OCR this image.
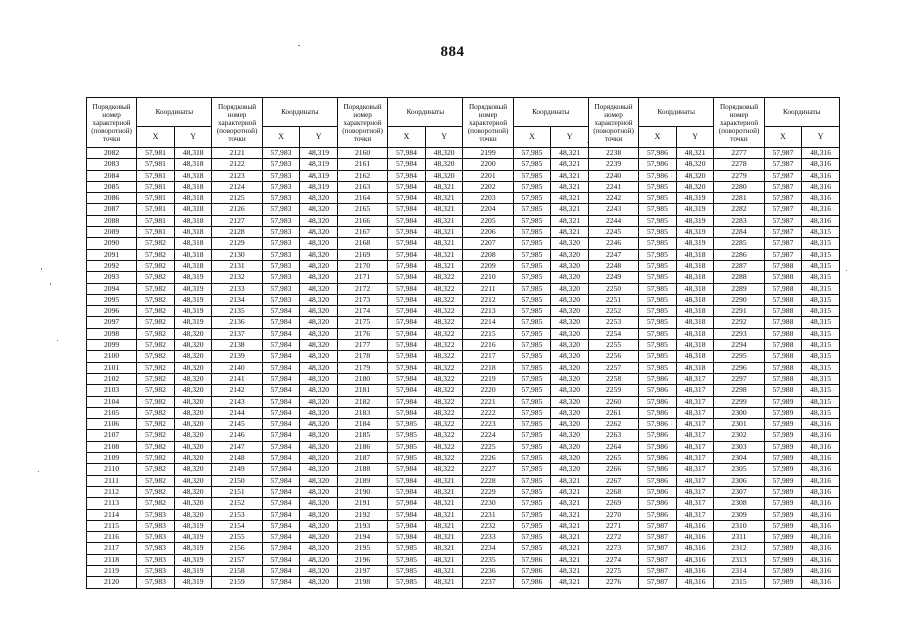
884
Порядковый номер характерной (поворотной) точки	Координаты		Порядковый номер характерной (поворотной) точки	Координаты		Порядковый номер характерной (поворотной) точки	Координаты		Порядковый номер характерной (поворотной) точки	Координаты		Порядковый номер характерной (поворотной) точки	Координаты		Порядковый номер характерной (поворотной) точки	Координаты	
	X	Y		X	Y		X	Y		X	Y		X	Y		X	Y
2082	57,981	48,318	2121	57,983	48,319	2160	57,984	48,320	2199	57,985	48,321	2238	57,986	48,321	2277	57,987	48,316
2083	57,981	48,318	2122	57,983	48,319	2161	57,984	48,320	2200	57,985	48,321	2239	57,986	48,320	2278	57,987	48,316
2084	57,981	48,318	2123	57,983	48,319	2162	57,984	48,320	2201	57,985	48,321	2240	57,986	48,320	2279	57,987	48,316
2085	57,981	48,318	2124	57,983	48,319	2163	57,984	48,321	2202	57,985	48,321	2241	57,985	48,320	2280	57,987	48,316
2086	57,981	48,318	2125	57,983	48,320	2164	57,984	48,321	2203	57,985	48,321	2242	57,985	48,319	2281	57,987	48,316
2087	57,981	48,318	2126	57,983	48,320	2165	57,984	48,321	2204	57,985	48,321	2243	57,985	48,319	2282	57,987	48,316
2088	57,981	48,318	2127	57,983	48,320	2166	57,984	48,321	2205	57,985	48,321	2244	57,985	48,319	2283	57,987	48,316
2089	57,981	48,318	2128	57,983	48,320	2167	57,984	48,321	2206	57,985	48,321	2245	57,985	48,319	2284	57,987	48,315
2090	57,982	48,318	2129	57,983	48,320	2168	57,984	48,321	2207	57,985	48,320	2246	57,985	48,319	2285	57,987	48,315
2091	57,982	48,318	2130	57,983	48,320	2169	57,984	48,321	2208	57,985	48,320	2247	57,985	48,318	2286	57,987	48,315
2092	57,982	48,318	2131	57,983	48,320	2170	57,984	48,321	2209	57,985	48,320	2248	57,985	48,318	2287	57,988	48,315
2093	57,982	48,319	2132	57,983	48,320	2171	57,984	48,322	2210	57,985	48,320	2249	57,985	48,318	2288	57,988	48,315
2094	57,982	48,319	2133	57,983	48,320	2172	57,984	48,322	2211	57,985	48,320	2250	57,985	48,318	2289	57,988	48,315
2095	57,982	48,319	2134	57,983	48,320	2173	57,984	48,322	2212	57,985	48,320	2251	57,985	48,318	2290	57,988	48,315
2096	57,982	48,319	2135	57,984	48,320	2174	57,984	48,322	2213	57,985	48,320	2252	57,985	48,318	2291	57,988	48,315
2097	57,982	48,319	2136	57,984	48,320	2175	57,984	48,322	2214	57,985	48,320	2253	57,985	48,318	2292	57,988	48,315
2098	57,982	48,320	2137	57,984	48,320	2176	57,984	48,322	2215	57,985	48,320	2254	57,985	48,318	2293	57,988	48,315
2099	57,982	48,320	2138	57,984	48,320	2177	57,984	48,322	2216	57,985	48,320	2255	57,985	48,318	2294	57,988	48,315
2100	57,982	48,320	2139	57,984	48,320	2178	57,984	48,322	2217	57,985	48,320	2256	57,985	48,318	2295	57,988	48,315
2101	57,982	48,320	2140	57,984	48,320	2179	57,984	48,322	2218	57,985	48,320	2257	57,985	48,318	2296	57,988	48,315
2102	57,982	48,320	2141	57,984	48,320	2180	57,984	48,322	2219	57,985	48,320	2258	57,986	48,317	2297	57,988	48,315
2103	57,982	48,320	2142	57,984	48,320	2181	57,984	48,322	2220	57,985	48,320	2259	57,986	48,317	2298	57,988	48,315
2104	57,982	48,320	2143	57,984	48,320	2182	57,984	48,322	2221	57,985	48,320	2260	57,986	48,317	2299	57,989	48,315
2105	57,982	48,320	2144	57,984	48,320	2183	57,984	48,322	2222	57,985	48,320	2261	57,986	48,317	2300	57,989	48,315
2106	57,982	48,320	2145	57,984	48,320	2184	57,985	48,322	2223	57,985	48,320	2262	57,986	48,317	2301	57,989	48,316
2107	57,982	48,320	2146	57,984	48,320	2185	57,985	48,322	2224	57,985	48,320	2263	57,986	48,317	2302	57,989	48,316
2108	57,982	48,320	2147	57,984	48,320	2186	57,985	48,322	2225	57,985	48,320	2264	57,986	48,317	2303	57,989	48,316
2109	57,982	48,320	2148	57,984	48,320	2187	57,985	48,322	2226	57,985	48,320	2265	57,986	48,317	2304	57,989	48,316
2110	57,982	48,320	2149	57,984	48,320	2188	57,984	48,322	2227	57,985	48,320	2266	57,986	48,317	2305	57,989	48,316
2111	57,982	48,320	2150	57,984	48,320	2189	57,984	48,321	2228	57,985	48,321	2267	57,986	48,317	2306	57,989	48,316
2112	57,982	48,320	2151	57,984	48,320	2190	57,984	48,321	2229	57,985	48,321	2268	57,986	48,317	2307	57,989	48,316
2113	57,982	48,320	2152	57,984	48,320	2191	57,984	48,321	2230	57,985	48,321	2269	57,986	48,317	2308	57,989	48,316
2114	57,983	48,320	2153	57,984	48,320	2192	57,984	48,321	2231	57,985	48,321	2270	57,986	48,317	2309	57,989	48,316
2115	57,983	48,319	2154	57,984	48,320	2193	57,984	48,321	2232	57,985	48,321	2271	57,987	48,316	2310	57,989	48,316
2116	57,983	48,319	2155	57,984	48,320	2194	57,984	48,321	2233	57,985	48,321	2272	57,987	48,316	2311	57,989	48,316
2117	57,983	48,319	2156	57,984	48,320	2195	57,985	48,321	2234	57,985	48,321	2273	57,987	48,316	2312	57,989	48,316
2118	57,983	48,319	2157	57,984	48,320	2196	57,985	48,321	2235	57,986	48,321	2274	57,987	48,316	2313	57,989	48,316
2119	57,983	48,319	2158	57,984	48,320	2197	57,985	48,321	2236	57,986	48,321	2275	57,987	48,316	2314	57,989	48,316
2120	57,983	48,319	2159	57,984	48,320	2198	57,985	48,321	2237	57,986	48,321	2276	57,987	48,316	2315	57,989	48,316
